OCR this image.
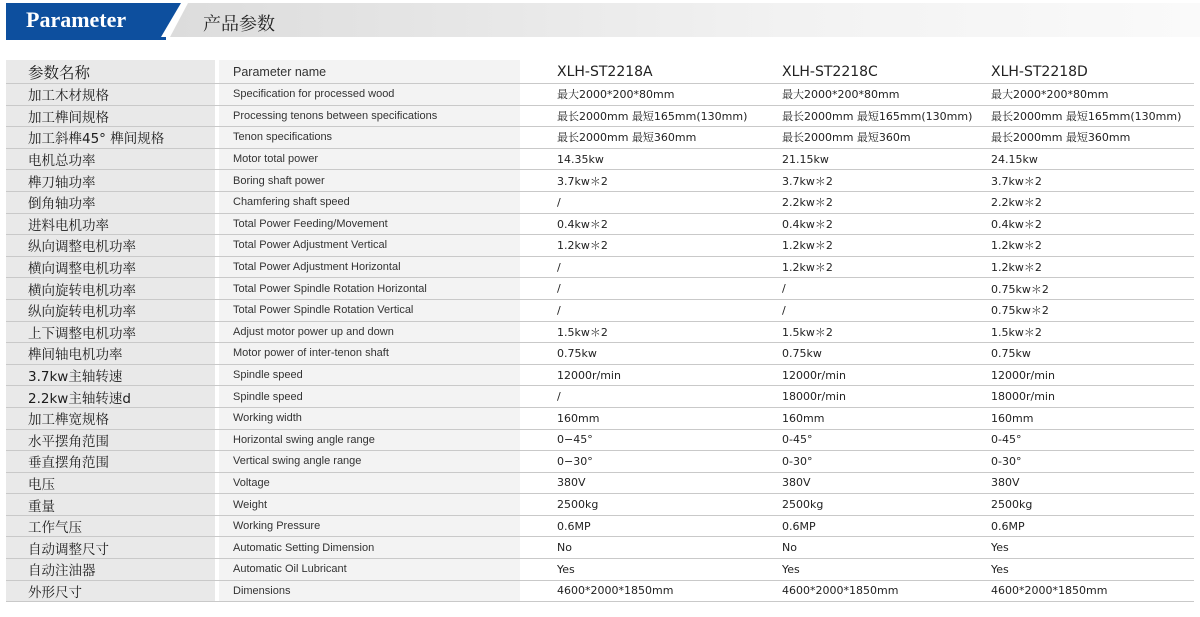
Parameter	产品参数
参数名称		Parameter name		XLH-ST2218A	XLH-ST2218C	XLH-ST2218D
加工木材规格		Specification for processed wood		最大2000*200*80mm	最大2000*200*80mm	最大2000*200*80mm
加工榫间规格		Processing tenons between specifications		最长2000mm 最短165mm(130mm)	最长2000mm 最短165mm(130mm)	最长2000mm 最短165mm(130mm)
加工斜榫45° 榫间规格		Tenon specifications		最长2000mm 最短360mm	最长2000mm 最短360m	最长2000mm 最短360mm
电机总功率		Motor total power		14.35kw	21.15kw	24.15kw
榫刀轴功率		Boring shaft power		3.7kw＊2	3.7kw＊2	3.7kw＊2
倒角轴功率		Chamfering shaft speed		/	2.2kw＊2	2.2kw＊2
进料电机功率		Total Power Feeding/Movement		0.4kw＊2	0.4kw＊2	0.4kw＊2
纵向调整电机功率		Total Power Adjustment Vertical		1.2kw＊2	1.2kw＊2	1.2kw＊2
横向调整电机功率		Total Power Adjustment Horizontal		/	1.2kw＊2	1.2kw＊2
横向旋转电机功率		Total Power Spindle Rotation Horizontal		/	/	0.75kw＊2
纵向旋转电机功率		Total Power Spindle Rotation Vertical		/	/	0.75kw＊2
上下调整电机功率		Adjust motor power up and down		1.5kw＊2	1.5kw＊2	1.5kw＊2
榫间轴电机功率		Motor power of inter-tenon shaft		0.75kw	0.75kw	0.75kw
3.7kw主轴转速		Spindle speed		12000r/min	12000r/min	12000r/min
2.2kw主轴转速d		Spindle speed		/	18000r/min	18000r/min
加工榫宽规格		Working width		160mm	160mm	160mm
水平摆角范围		Horizontal swing angle range		0−45°	0-45°	0-45°
垂直摆角范围		Vertical swing angle range		0−30°	0-30°	0-30°
电压		Voltage		380V	380V	380V
重量		Weight		2500kg	2500kg	2500kg
工作气压		Working Pressure		0.6MP	0.6MP	0.6MP
自动调整尺寸		Automatic Setting Dimension		No	No	Yes
自动注油器		Automatic Oil Lubricant		Yes	Yes	Yes
外形尺寸		Dimensions		4600*2000*1850mm	4600*2000*1850mm	4600*2000*1850mm
